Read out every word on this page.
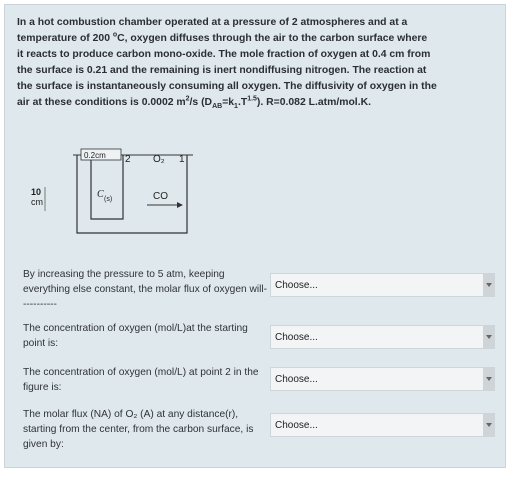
In a hot combustion chamber operated at a pressure of 2 atmospheres and at a

temperature of 200 $^o$C, oxygen diffuses through the air to the carbon surface where

it reacts to produce carbon mono-oxide. The mole fraction of oxygen at 0.4 cm from

the surface is 0.21 and the remaining is inert nondiffusing nitrogen. The reaction at

the surface is instantaneously consuming all oxygen. The diffusivity of oxygen in the

air at these conditions is 0.0002 $m^2/s$ $(D_{AB}=k_1.T^{1.5})$. R=0.082 L.atm/mol.K.

0.2cm 2 O₂ 1
10
cm
C (s)	CO
By increasing the pressure to 5 atm, keeping everything else constant, the molar flux of oxygen will-----------
Choose...
The concentration of oxygen (mol/L)at the starting point is:
Choose...
The concentration of oxygen (mol/L) at point 2 in the figure is:
Choose...
The molar flux (NA) of O₂ (A) at any distance(r), starting from the center, from the carbon surface, is given by:
Choose...
